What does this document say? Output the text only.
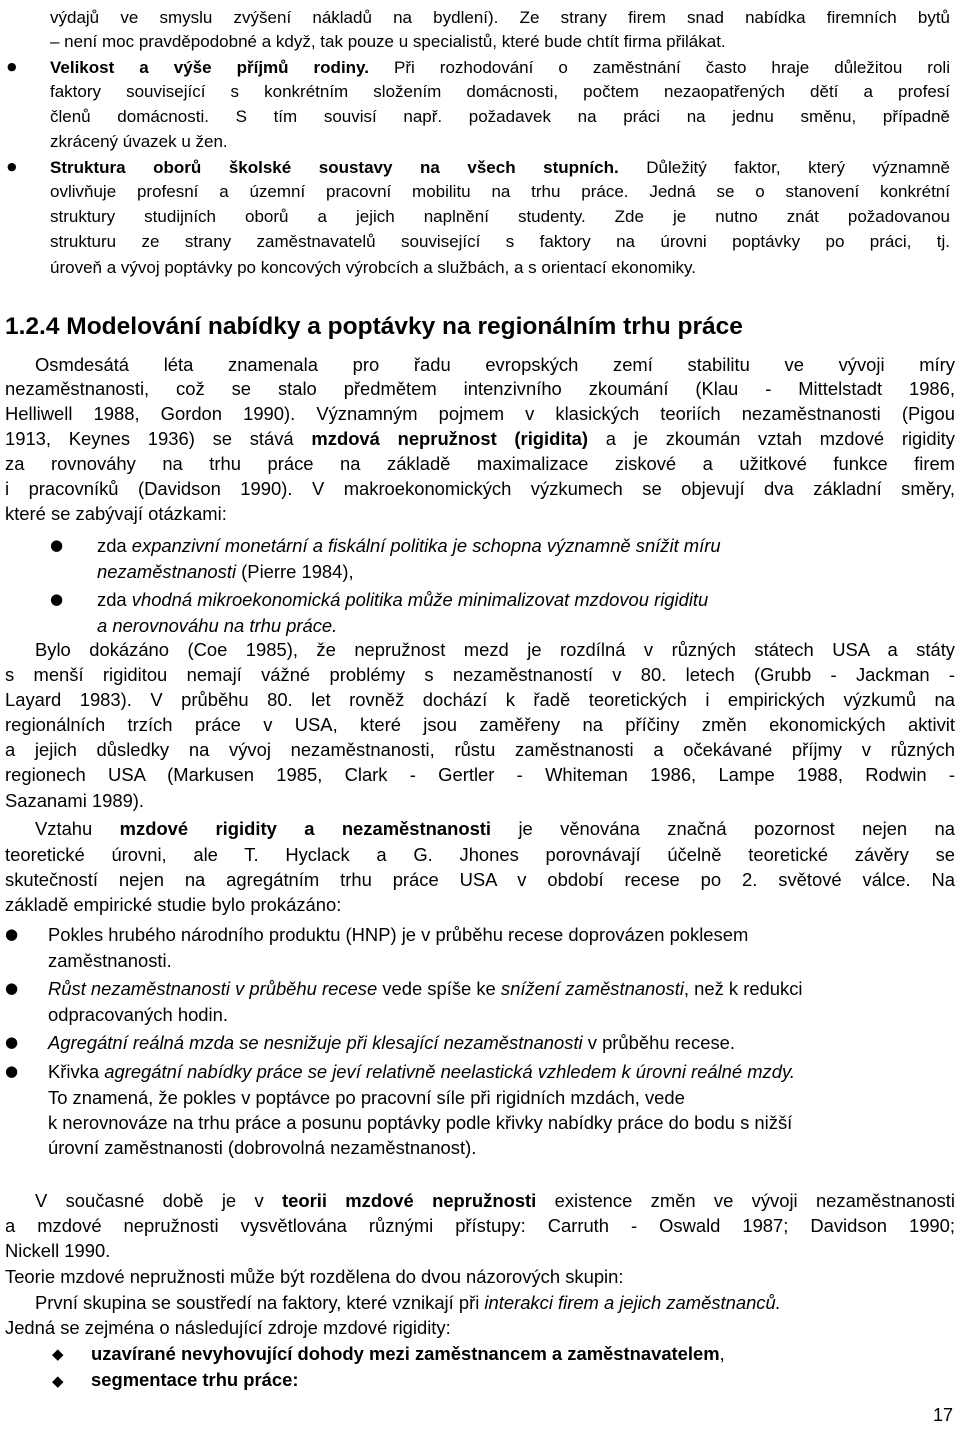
výdajů ve smyslu zvýšení nákladů na bydlení). Ze strany firem snad nabídka firemních bytů
– není moc pravděpodobné a když, tak pouze u specialistů, které bude chtít firma přilákat.
● Velikost a výše příjmů rodiny. Při rozhodování o zaměstnání často hraje důležitou roli
faktory související s konkrétním složením domácnosti, počtem nezaopatřených dětí a profesí
členů domácnosti. S tím souvisí např. požadavek na práci na jednu směnu, případně
zkrácený úvazek u žen.
● Struktura oborů školské soustavy na všech stupních. Důležitý faktor, který významně
ovlivňuje profesní a územní pracovní mobilitu na trhu práce. Jedná se o stanovení konkrétní
struktury studijních oborů a jejich naplnění studenty. Zde je nutno znát požadovanou
strukturu ze strany zaměstnavatelů související s faktory na úrovni poptávky po práci, tj.
úroveň a vývoj poptávky po koncových výrobcích a službách, a s orientací ekonomiky.
1.2.4 Modelování nabídky a poptávky na regionálním trhu práce
Osmdesátá léta znamenala pro řadu evropských zemí stabilitu ve vývoji míry
nezaměstnanosti, což se stalo předmětem intenzivního zkoumání (Klau - Mittelstadt 1986,
Helliwell 1988, Gordon 1990). Významným pojmem v klasických teoriích nezaměstnanosti (Pigou
1913, Keynes 1936) se stává mzdová nepružnost (rigidita) a je zkoumán vztah mzdové rigidity
za rovnováhy na trhu práce na základě maximalizace ziskové a užitkové funkce firem
i pracovníků (Davidson 1990). V makroekonomických výzkumech se objevují dva základní směry,
které se zabývají otázkami:
● zda expanzivní monetární a fiskální politika je schopna významně snížit míru
nezaměstnanosti (Pierre 1984),
● zda vhodná mikroekonomická politika může minimalizovat mzdovou rigiditu
a nerovnováhu na trhu práce.
Bylo dokázáno (Coe 1985), že nepružnost mezd je rozdílná v různých státech USA a státy
s menší rigiditou nemají vážné problémy s nezaměstnaností v 80. letech (Grubb - Jackman -
Layard 1983). V průběhu 80. let rovněž dochází k řadě teoretických i empirických výzkumů na
regionálních trzích práce v USA, které jsou zaměřeny na příčiny změn ekonomických aktivit
a jejich důsledky na vývoj nezaměstnanosti, růstu zaměstnanosti a očekávané příjmy v různých
regionech USA (Markusen 1985, Clark - Gertler - Whiteman 1986, Lampe 1988, Rodwin -
Sazanami 1989).
Vztahu mzdové rigidity a nezaměstnanosti je věnována značná pozornost nejen na
teoretické úrovni, ale T. Hyclack a G. Jhones porovnávají účelně teoretické závěry se
skutečností nejen na agregátním trhu práce USA v období recese po 2. světové válce. Na
základě empirické studie bylo prokázáno:
● Pokles hrubého národního produktu (HNP) je v průběhu recese doprovázen poklesem
zaměstnanosti.
● Růst nezaměstnanosti v průběhu recese vede spíše ke snížení zaměstnanosti, než k redukci
odpracovaných hodin.
● Agregátní reálná mzda se nesnižuje při klesající nezaměstnanosti v průběhu recese.
● Křivka agregátní nabídky práce se jeví relativně neelastická vzhledem k úrovni reálné mzdy.
To znamená, že pokles v poptávce po pracovní síle při rigidních mzdách, vede
k nerovnováze na trhu práce a posunu poptávky podle křivky nabídky práce do bodu s nižší
úrovní zaměstnanosti (dobrovolná nezaměstnanost).
V současné době je v teorii mzdové nepružnosti existence změn ve vývoji nezaměstnanosti
a mzdové nepružnosti vysvětlována různými přístupy: Carruth - Oswald 1987; Davidson 1990;
Nickell 1990.
Teorie mzdové nepružnosti může být rozdělena do dvou názorových skupin:
První skupina se soustředí na faktory, které vznikají při interakci firem a jejich zaměstnanců.
Jedná se zejména o následující zdroje mzdové rigidity:
◆ uzavírané nevyhovující dohody mezi zaměstnancem a zaměstnavatelem,
◆ segmentace trhu práce:
17
